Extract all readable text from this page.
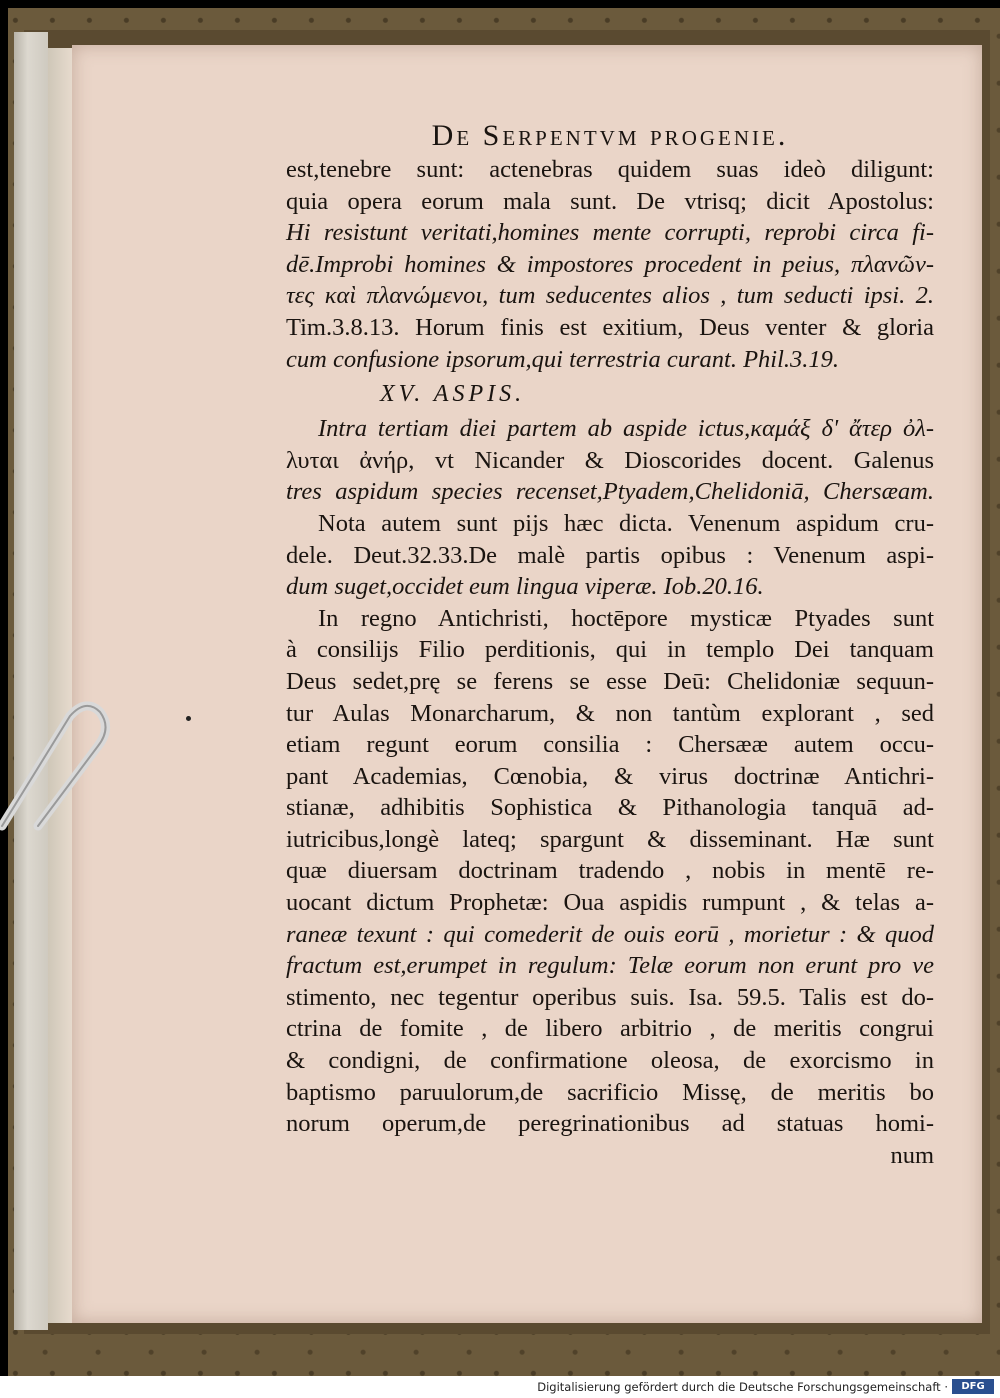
De Serpentvm progenie.
est,tenebre sunt: actenebras quidem suas ideò diligunt:
quia opera eorum mala sunt. De vtrisq; dicit Apostolus:
Hi resistunt veritati,homines mente corrupti, reprobi circa fi-
dē.Improbi homines & impostores procedent in peius, πλανῶν-
τες καὶ πλανώμενοι, tum seducentes alios , tum seducti ipsi. 2.
Tim.3.8.13. Horum finis est exitium, Deus venter & gloria
cum confusione ipsorum,qui terrestria curant. Phil.3.19.
XV. ASPIS.
Intra tertiam diei partem ab aspide ictus,καμάξ δ' ἄτερ ὀλ-
λυται ἀνήρ, vt Nicander & Dioscorides docent. Galenus
tres aspidum species recenset,Ptyadem,Chelidoniā, Chersæam.
Nota autem sunt pijs hæc dicta. Venenum aspidum cru-
dele. Deut.32.33.De malè partis opibus : Venenum aspi-
dum suget,occidet eum lingua viperæ. Iob.20.16.
In regno Antichristi, hoctēpore mysticæ Ptyades sunt
à consilijs Filio perditionis, qui in templo Dei tanquam
Deus sedet,prę se ferens se esse Deū: Chelidoniæ sequun-
tur Aulas Monarcharum, & non tantùm explorant , sed
etiam regunt eorum consilia : Chersææ autem occu-
pant Academias, Cœnobia, & virus doctrinæ Antichri-
stianæ, adhibitis Sophistica & Pithanologia tanquā ad-
iutricibus,longè lateq; spargunt & disseminant. Hæ sunt
quæ diuersam doctrinam tradendo , nobis in mentē re-
uocant dictum Prophetæ: Oua aspidis rumpunt , & telas a-
raneæ texunt : qui comederit de ouis eorū , morietur : & quod
fractum est,erumpet in regulum: Telæ eorum non erunt pro ve
stimento, nec tegentur operibus suis. Isa. 59.5. Talis est do-
ctrina de fomite , de libero arbitrio , de meritis congrui
& condigni, de confirmatione oleosa, de exorcismo in
baptismo paruulorum,de sacrificio Missę, de meritis bo
norum operum,de peregrinationibus ad statuas homi-
num
Digitalisierung gefördert durch die Deutsche Forschungsgemeinschaft ·	DFG
